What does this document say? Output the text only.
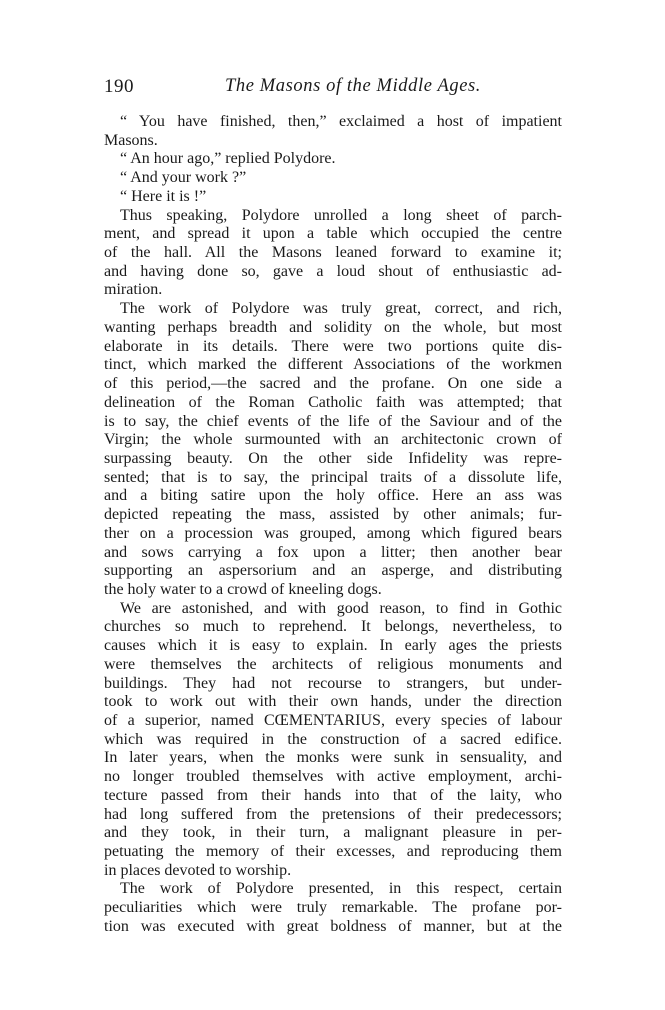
190	The Masons of the Middle Ages.
“ You have finished, then,” exclaimed a host of impatient
Masons.
“ An hour ago,” replied Polydore.
“ And your work ?”
“ Here it is !”
Thus speaking, Polydore unrolled a long sheet of parch-
ment, and spread it upon a table which occupied the centre
of the hall. All the Masons leaned forward to examine it;
and having done so, gave a loud shout of enthusiastic ad-
miration.
The work of Polydore was truly great, correct, and rich,
wanting perhaps breadth and solidity on the whole, but most
elaborate in its details. There were two portions quite dis-
tinct, which marked the different Associations of the workmen
of this period,—the sacred and the profane. On one side a
delineation of the Roman Catholic faith was attempted; that
is to say, the chief events of the life of the Saviour and of the
Virgin; the whole surmounted with an architectonic crown of
surpassing beauty. On the other side Infidelity was repre-
sented; that is to say, the principal traits of a dissolute life,
and a biting satire upon the holy office. Here an ass was
depicted repeating the mass, assisted by other animals; fur-
ther on a procession was grouped, among which figured bears
and sows carrying a fox upon a litter; then another bear
supporting an aspersorium and an asperge, and distributing
the holy water to a crowd of kneeling dogs.
We are astonished, and with good reason, to find in Gothic
churches so much to reprehend. It belongs, nevertheless, to
causes which it is easy to explain. In early ages the priests
were themselves the architects of religious monuments and
buildings. They had not recourse to strangers, but under-
took to work out with their own hands, under the direction
of a superior, named CŒMENTARIUS, every species of labour
which was required in the construction of a sacred edifice.
In later years, when the monks were sunk in sensuality, and
no longer troubled themselves with active employment, archi-
tecture passed from their hands into that of the laity, who
had long suffered from the pretensions of their predecessors;
and they took, in their turn, a malignant pleasure in per-
petuating the memory of their excesses, and reproducing them
in places devoted to worship.
The work of Polydore presented, in this respect, certain
peculiarities which were truly remarkable. The profane por-
tion was executed with great boldness of manner, but at the
